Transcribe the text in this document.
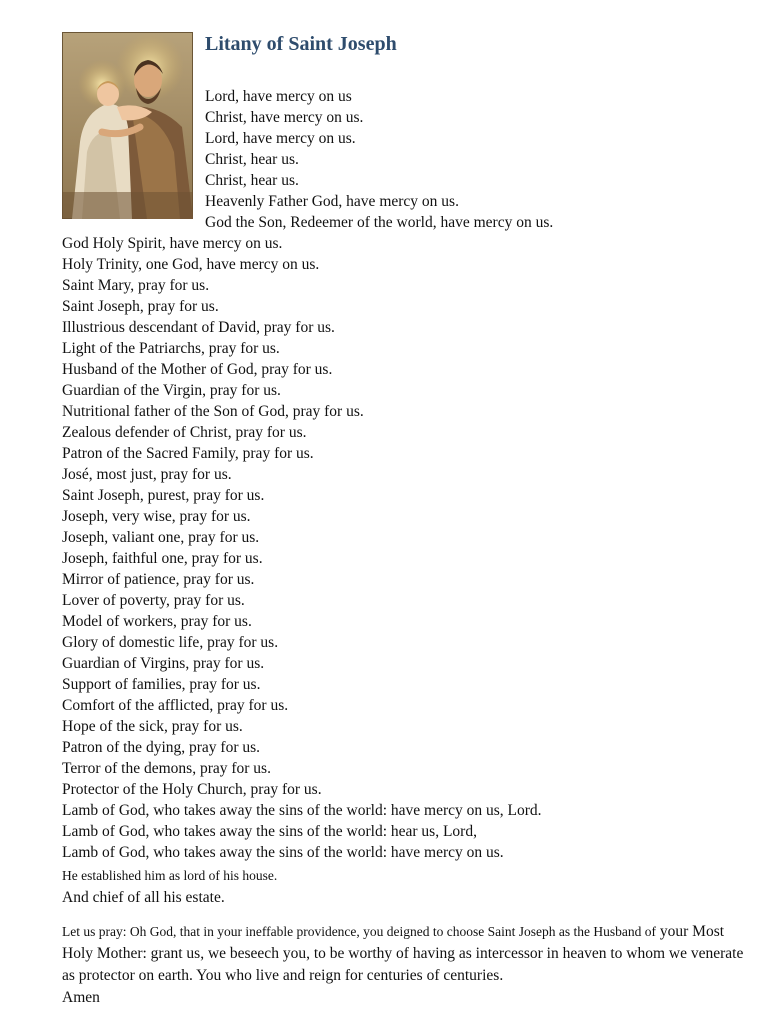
Litany of Saint Joseph
Lord, have mercy on us
Christ, have mercy on us.
Lord, have mercy on us.
Christ, hear us.
Christ, hear us.
Heavenly Father God, have mercy on us.
God the Son, Redeemer of the world, have mercy on us.
God Holy Spirit, have mercy on us.
Holy Trinity, one God, have mercy on us.
Saint Mary, pray for us.
Saint Joseph, pray for us.
Illustrious descendant of David, pray for us.
Light of the Patriarchs, pray for us.
Husband of the Mother of God, pray for us.
Guardian of the Virgin, pray for us.
Nutritional father of the Son of God, pray for us.
Zealous defender of Christ, pray for us.
Patron of the Sacred Family, pray for us.
José, most just, pray for us.
Saint Joseph, purest, pray for us.
Joseph, very wise, pray for us.
Joseph, valiant one, pray for us.
Joseph, faithful one, pray for us.
Mirror of patience, pray for us.
Lover of poverty, pray for us.
Model of workers, pray for us.
Glory of domestic life, pray for us.
Guardian of Virgins, pray for us.
Support of families, pray for us.
Comfort of the afflicted, pray for us.
Hope of the sick, pray for us.
Patron of the dying, pray for us.
Terror of the demons, pray for us.
Protector of the Holy Church, pray for us.
Lamb of God, who takes away the sins of the world: have mercy on us, Lord.
Lamb of God, who takes away the sins of the world: hear us, Lord,
Lamb of God, who takes away the sins of the world: have mercy on us.
He established him as lord of his house.
And chief of all his estate.
Let us pray: Oh God, that in your ineffable providence, you deigned to choose Saint Joseph as the Husband of your Most Holy Mother: grant us, we beseech you, to be worthy of having as intercessor in heaven to whom we venerate as protector on earth. You who live and reign for centuries of centuries.
Amen
